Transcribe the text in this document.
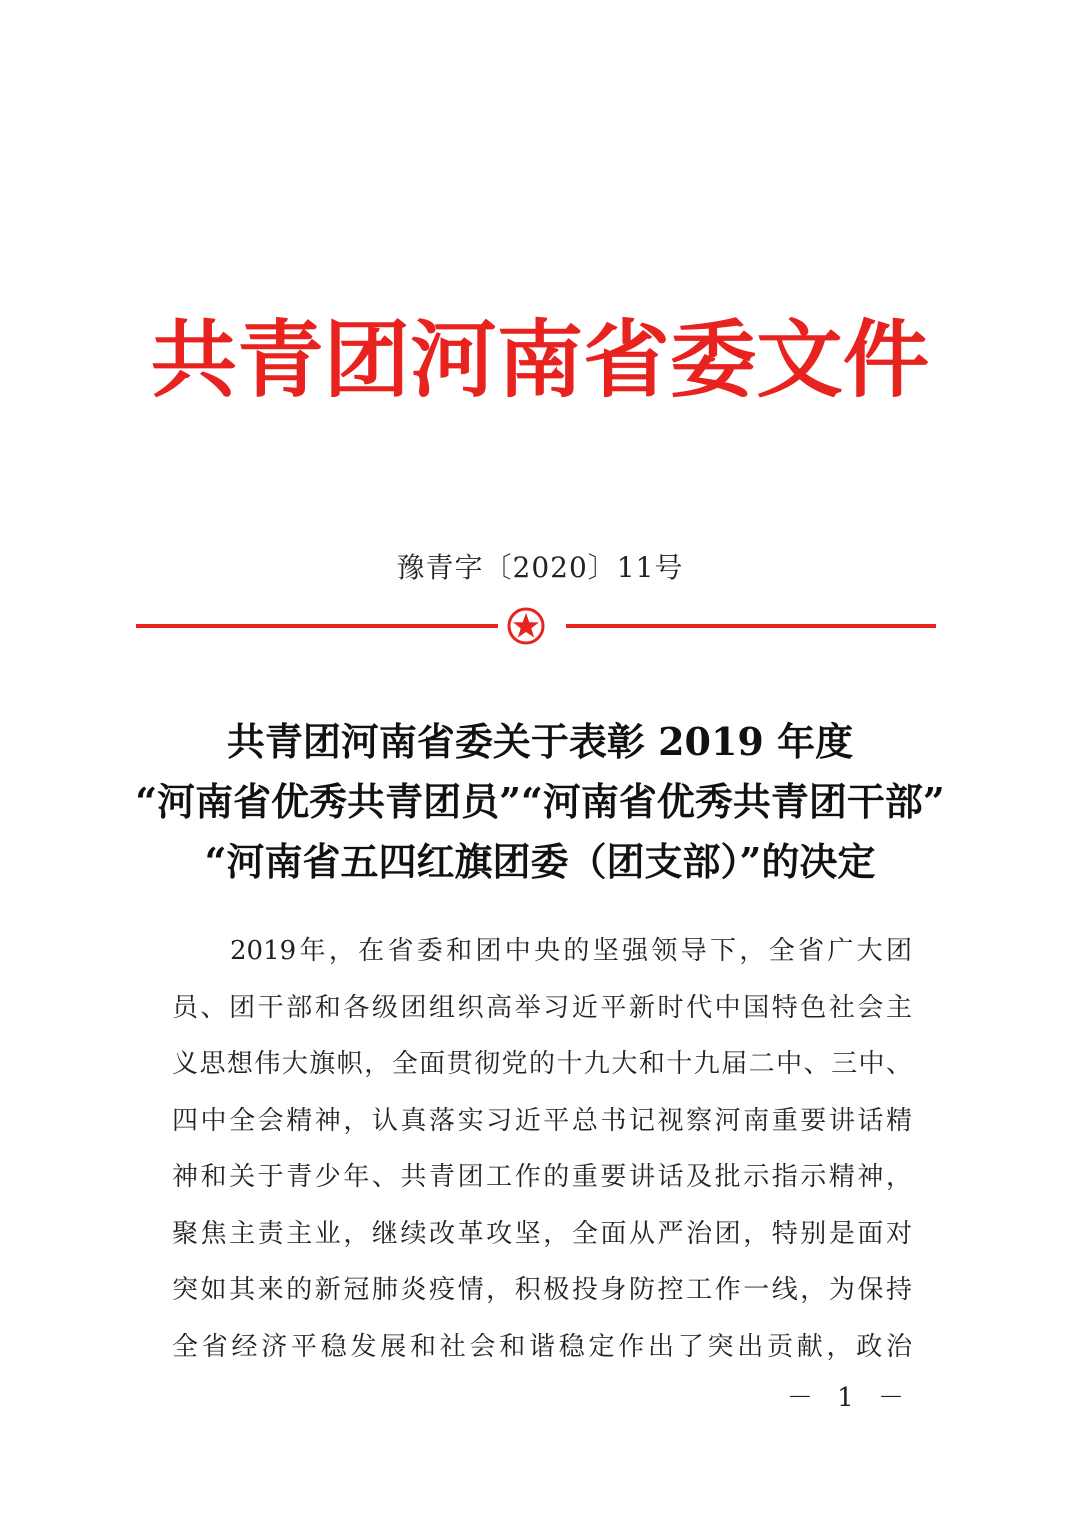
共青团河南省委文件
豫青字〔2020〕11号
共青团河南省委关于表彰 2019 年度
“河南省优秀共青团员”“河南省优秀共青团干部”
“河南省五四红旗团委（团支部）”的决定
2019年，在省委和团中央的坚强领导下，全省广大团
员、团干部和各级团组织高举习近平新时代中国特色社会主
义思想伟大旗帜，全面贯彻党的十九大和十九届二中、三中、
四中全会精神，认真落实习近平总书记视察河南重要讲话精
神和关于青少年、共青团工作的重要讲话及批示指示精神，
聚焦主责主业，继续改革攻坚，全面从严治团，特别是面对
突如其来的新冠肺炎疫情，积极投身防控工作一线，为保持
全省经济平稳发展和社会和谐稳定作出了突出贡献，政治
－ 1 －
